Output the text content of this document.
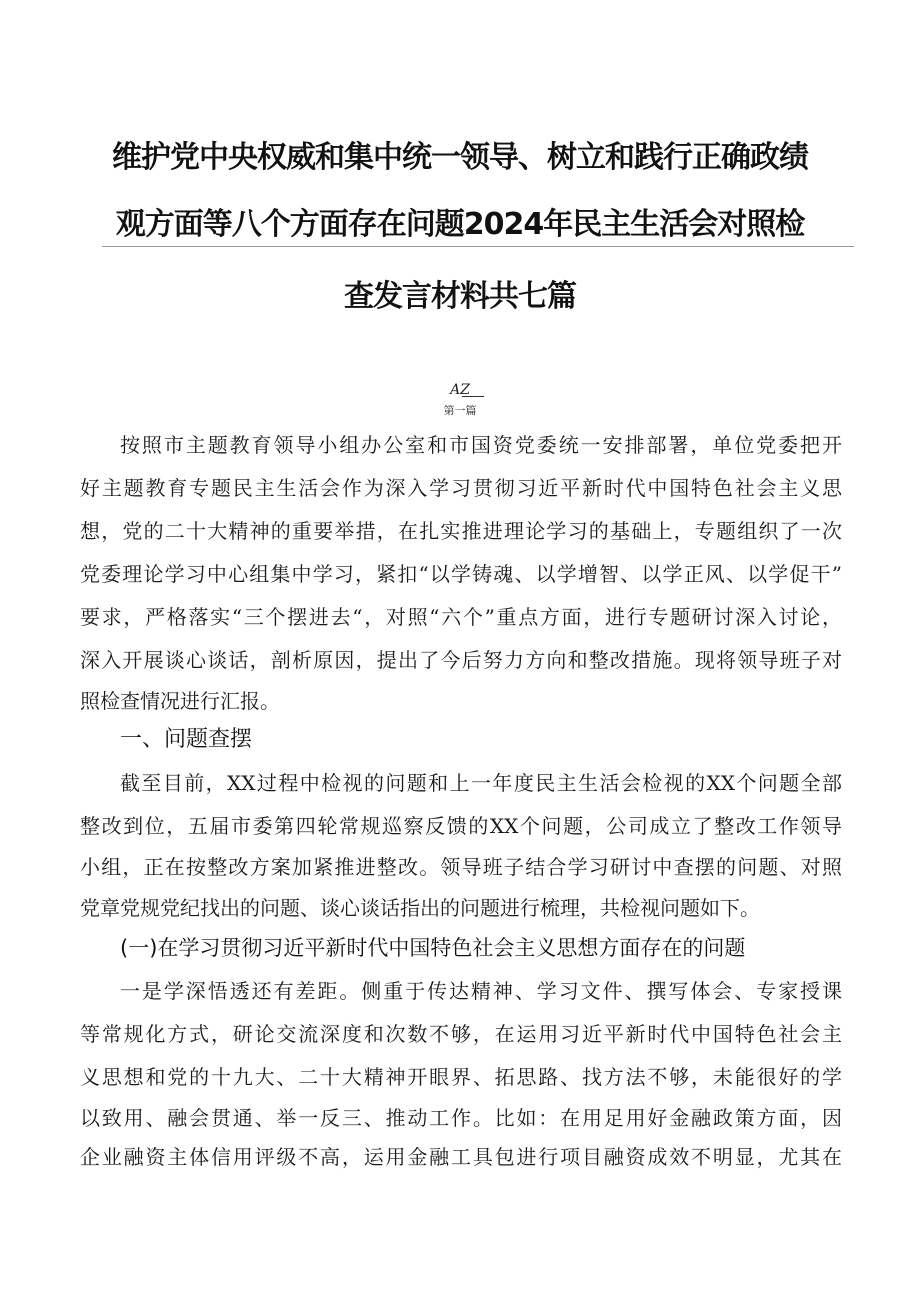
维护党中央权威和集中统一领导、树立和践行正确政绩
观方面等八个方面存在问题2024年民主生活会对照检
查发言材料共七篇
AZ
第一篇
按照市主题教育领导小组办公室和市国资党委统一安排部署，单位党委把开
好主题教育专题民主生活会作为深入学习贯彻习近平新时代中国特色社会主义思
想，党的二十大精神的重要举措，在扎实推进理论学习的基础上，专题组织了一次
党委理论学习中心组集中学习，紧扣“以学铸魂、以学增智、以学正风、以学促干”
要求，严格落实“三个摆进去“，对照“六个”重点方面，进行专题研讨深入讨论，
深入开展谈心谈话，剖析原因，提出了今后努力方向和整改措施。现将领导班子对
照检查情况进行汇报。
一、问题查摆
截至目前，XX过程中检视的问题和上一年度民主生活会检视的XX个问题全部
整改到位，五届市委第四轮常规巡察反馈的XX个问题，公司成立了整改工作领导
小组，正在按整改方案加紧推进整改。领导班子结合学习研讨中查摆的问题、对照
党章党规党纪找出的问题、谈心谈话指出的问题进行梳理，共检视问题如下。
(一)在学习贯彻习近平新时代中国特色社会主义思想方面存在的问题
一是学深悟透还有差距。侧重于传达精神、学习文件、撰写体会、专家授课
等常规化方式，研论交流深度和次数不够，在运用习近平新时代中国特色社会主
义思想和党的十九大、二十大精神开眼界、拓思路、找方法不够，未能很好的学
以致用、融会贯通、举一反三、推动工作。比如：在用足用好金融政策方面，因
企业融资主体信用评级不高，运用金融工具包进行项目融资成效不明显，尤其在
